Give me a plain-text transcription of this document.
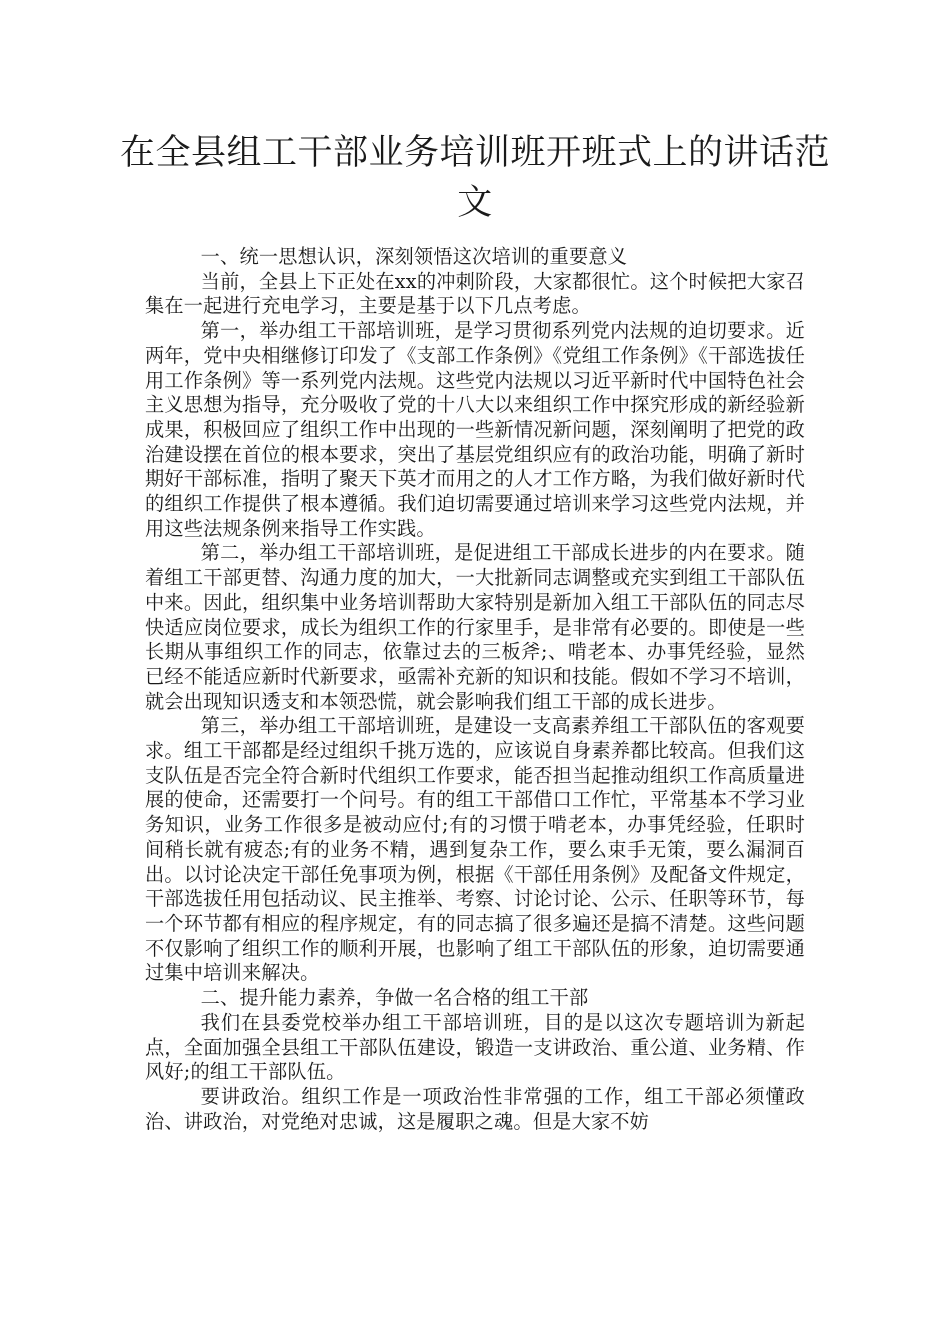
在全县组工干部业务培训班开班式上的讲话范文

一、统一思想认识，深刻领悟这次培训的重要意义

当前，全县上下正处在xx的冲刺阶段，大家都很忙。这个时候把大家召集在一起进行充电学习，主要是基于以下几点考虑。

第一，举办组工干部培训班，是学习贯彻系列党内法规的迫切要求。近两年，党中央相继修订印发了《支部工作条例》《党组工作条例》《干部选拔任用工作条例》等一系列党内法规。这些党内法规以习近平新时代中国特色社会主义思想为指导，充分吸收了党的十八大以来组织工作中探究形成的新经验新成果，积极回应了组织工作中出现的一些新情况新问题，深刻阐明了把党的政治建设摆在首位的根本要求，突出了基层党组织应有的政治功能，明确了新时期好干部标准，指明了聚天下英才而用之的人才工作方略，为我们做好新时代的组织工作提供了根本遵循。我们迫切需要通过培训来学习这些党内法规，并用这些法规条例来指导工作实践。

第二，举办组工干部培训班，是促进组工干部成长进步的内在要求。随着组工干部更替、沟通力度的加大，一大批新同志调整或充实到组工干部队伍中来。因此，组织集中业务培训帮助大家特别是新加入组工干部队伍的同志尽快适应岗位要求，成长为组织工作的行家里手，是非常有必要的。即使是一些长期从事组织工作的同志，依靠过去的三板斧;、啃老本、办事凭经验，显然已经不能适应新时代新要求，亟需补充新的知识和技能。假如不学习不培训，就会出现知识透支和本领恐慌，就会影响我们组工干部的成长进步。

第三，举办组工干部培训班，是建设一支高素养组工干部队伍的客观要求。组工干部都是经过组织千挑万选的，应该说自身素养都比较高。但我们这支队伍是否完全符合新时代组织工作要求，能否担当起推动组织工作高质量进展的使命，还需要打一个问号。有的组工干部借口工作忙，平常基本不学习业务知识，业务工作很多是被动应付;有的习惯于啃老本，办事凭经验，任职时间稍长就有疲态;有的业务不精，遇到复杂工作，要么束手无策，要么漏洞百出。以讨论决定干部任免事项为例，根据《干部任用条例》及配备文件规定，干部选拔任用包括动议、民主推举、考察、讨论讨论、公示、任职等环节，每一个环节都有相应的程序规定，有的同志搞了很多遍还是搞不清楚。这些问题不仅影响了组织工作的顺利开展，也影响了组工干部队伍的形象，迫切需要通过集中培训来解决。

二、提升能力素养，争做一名合格的组工干部

我们在县委党校举办组工干部培训班，目的是以这次专题培训为新起点，全面加强全县组工干部队伍建设，锻造一支讲政治、重公道、业务精、作风好;的组工干部队伍。

要讲政治。组织工作是一项政治性非常强的工作，组工干部必须懂政治、讲政治，对党绝对忠诚，这是履职之魂。但是大家不妨
